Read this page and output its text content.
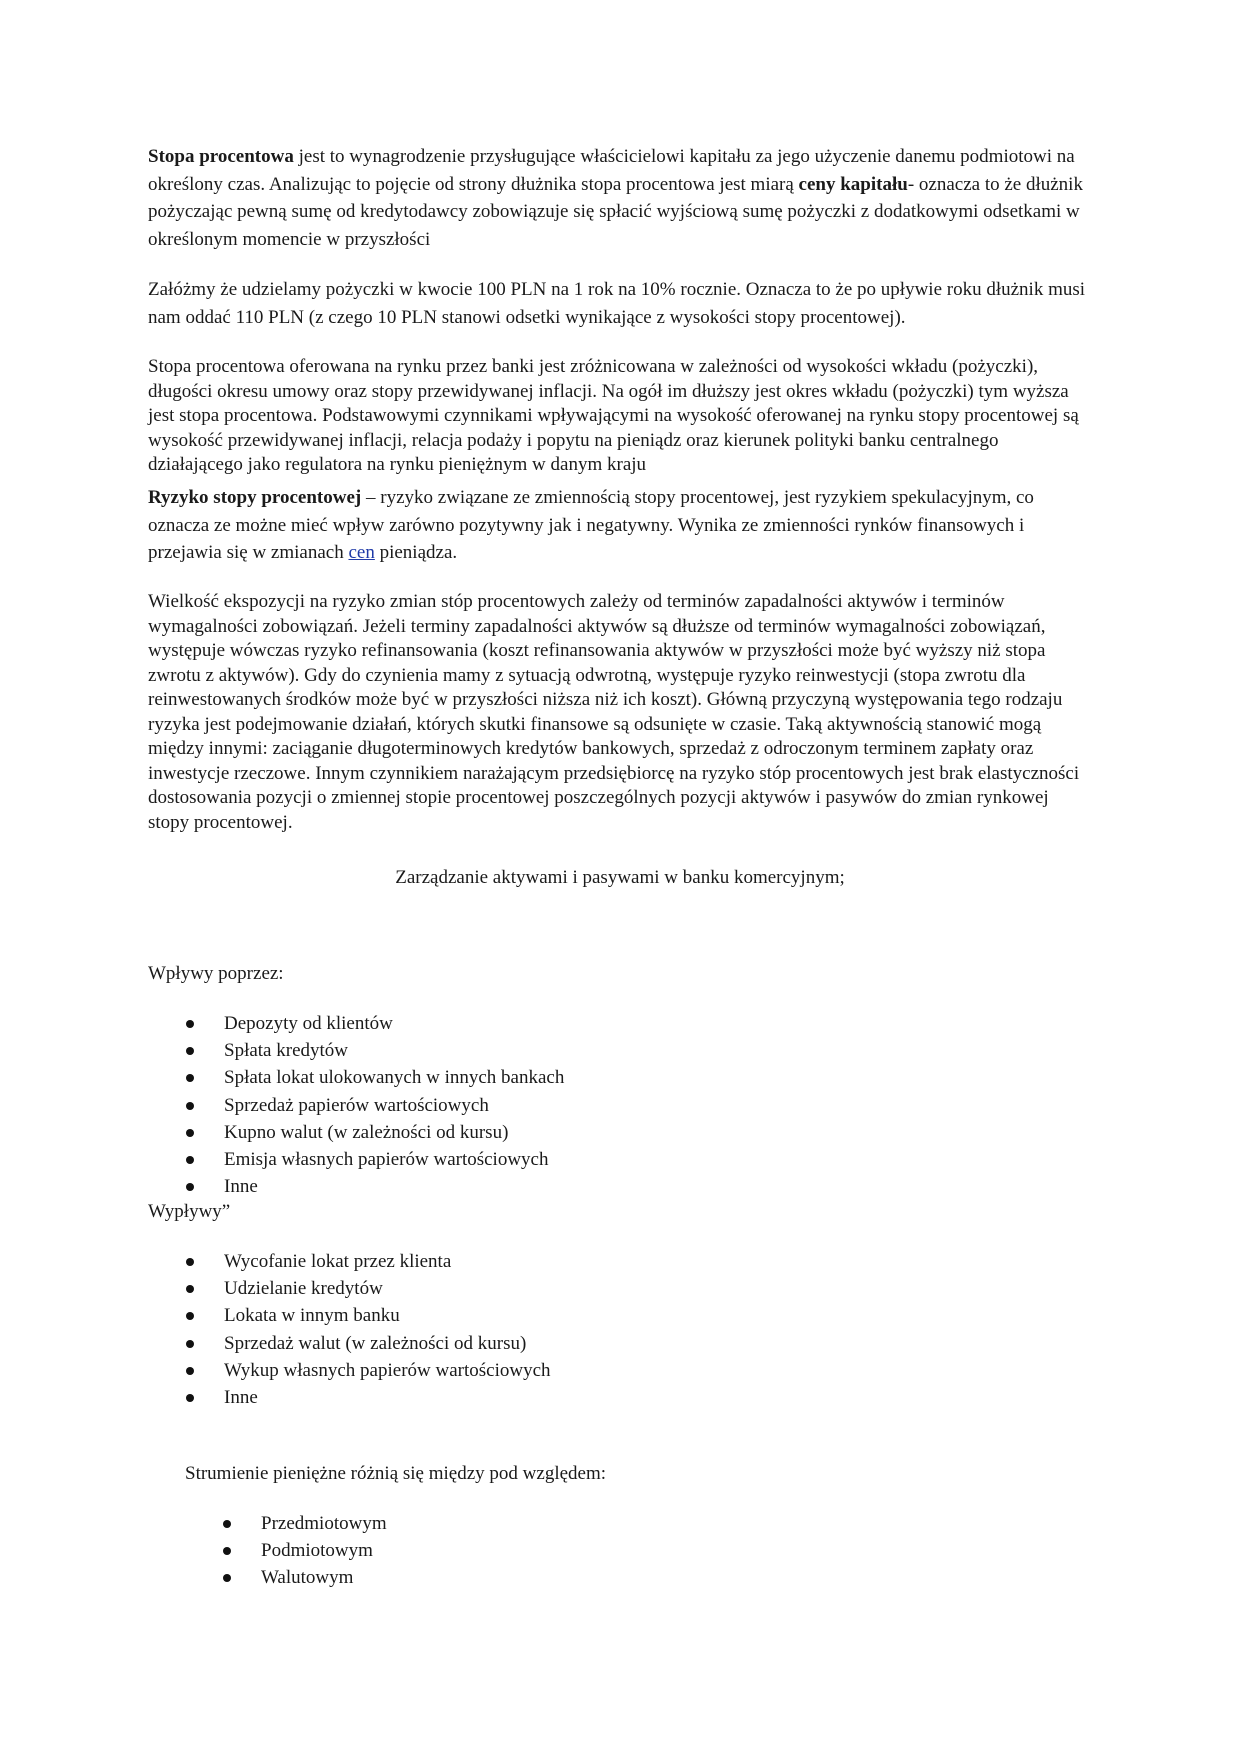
Stopa procentowa jest to wynagrodzenie przysługujące właścicielowi kapitału za jego użyczenie danemu podmiotowi na określony czas. Analizując to pojęcie od strony dłużnika stopa procentowa jest miarą ceny kapitału- oznacza to że dłużnik pożyczając pewną sumę od kredytodawcy zobowiązuje się spłacić wyjściową sumę pożyczki z dodatkowymi odsetkami w określonym momencie w przyszłości

Załóżmy że udzielamy pożyczki w kwocie 100 PLN na 1 rok na 10% rocznie. Oznacza to że po upływie roku dłużnik musi nam oddać 110 PLN (z czego 10 PLN stanowi odsetki wynikające z wysokości stopy procentowej).

Stopa procentowa oferowana na rynku przez banki jest zróżnicowana w zależności od wysokości wkładu (pożyczki), długości okresu umowy oraz stopy przewidywanej inflacji. Na ogół im dłuższy jest okres wkładu (pożyczki) tym wyższa jest stopa procentowa. Podstawowymi czynnikami wpływającymi na wysokość oferowanej na rynku stopy procentowej są wysokość przewidywanej inflacji, relacja podaży i popytu na pieniądz oraz kierunek polityki banku centralnego działającego jako regulatora na rynku pieniężnym w danym kraju

Ryzyko stopy procentowej – ryzyko związane ze zmiennością stopy procentowej, jest ryzykiem spekulacyjnym, co oznacza ze możne mieć wpływ zarówno pozytywny jak i negatywny. Wynika ze zmienności rynków finansowych i przejawia się w zmianach cen pieniądza.

Wielkość ekspozycji na ryzyko zmian stóp procentowych zależy od terminów zapadalności aktywów i terminów wymagalności zobowiązań. Jeżeli terminy zapadalności aktywów są dłuższe od terminów wymagalności zobowiązań, występuje wówczas ryzyko refinansowania (koszt refinansowania aktywów w przyszłości może być wyższy niż stopa zwrotu z aktywów). Gdy do czynienia mamy z sytuacją odwrotną, występuje ryzyko reinwestycji (stopa zwrotu dla reinwestowanych środków może być w przyszłości niższa niż ich koszt). Główną przyczyną występowania tego rodzaju ryzyka jest podejmowanie działań, których skutki finansowe są odsunięte w czasie. Taką aktywnością stanowić mogą między innymi: zaciąganie długoterminowych kredytów bankowych, sprzedaż z odroczonym terminem zapłaty oraz inwestycje rzeczowe. Innym czynnikiem narażającym przedsiębiorcę na ryzyko stóp procentowych jest brak elastyczności dostosowania pozycji o zmiennej stopie procentowej poszczególnych pozycji aktywów i pasywów do zmian rynkowej stopy procentowej.

Zarządzanie aktywami i pasywami w banku komercyjnym;
Wpływy poprzez:
Depozyty od klientów
Spłata kredytów
Spłata lokat ulokowanych w innych bankach
Sprzedaż papierów wartościowych
Kupno walut (w zależności od kursu)
Emisja własnych papierów wartościowych
Inne
Wypływy”
Wycofanie lokat przez klienta
Udzielanie kredytów
Lokata w innym banku
Sprzedaż walut (w zależności od kursu)
Wykup własnych papierów wartościowych
Inne
Strumienie pieniężne różnią się między pod względem:
Przedmiotowym
Podmiotowym
Walutowym
